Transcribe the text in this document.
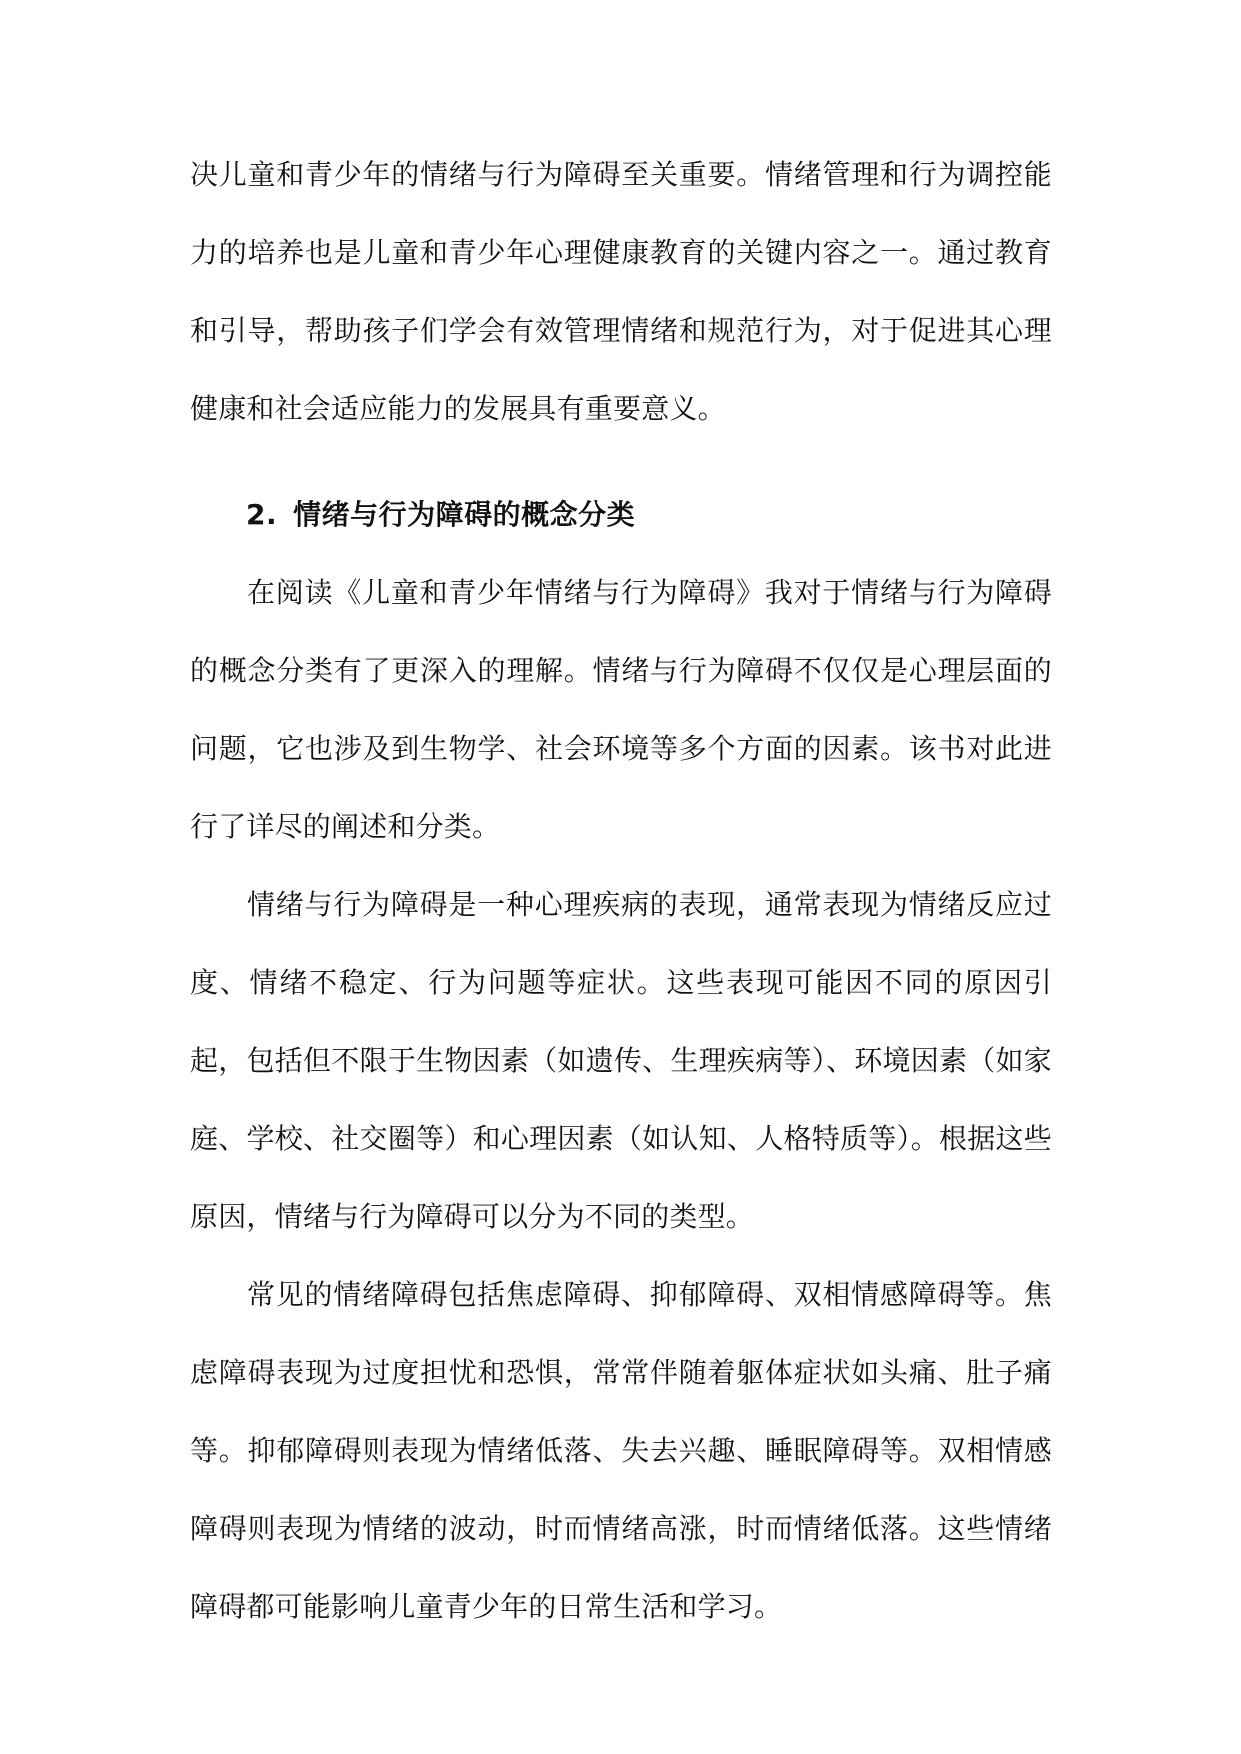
决儿童和青少年的情绪与行为障碍至关重要。情绪管理和行为调控能力的培养也是儿童和青少年心理健康教育的关键内容之一。通过教育和引导，帮助孩子们学会有效管理情绪和规范行为，对于促进其心理健康和社会适应能力的发展具有重要意义。

2. 情绪与行为障碍的概念分类

在阅读《儿童和青少年情绪与行为障碍》我对于情绪与行为障碍的概念分类有了更深入的理解。情绪与行为障碍不仅仅是心理层面的问题，它也涉及到生物学、社会环境等多个方面的因素。该书对此进行了详尽的阐述和分类。

情绪与行为障碍是一种心理疾病的表现，通常表现为情绪反应过度、情绪不稳定、行为问题等症状。这些表现可能因不同的原因引起，包括但不限于生物因素（如遗传、生理疾病等）、环境因素（如家庭、学校、社交圈等）和心理因素（如认知、人格特质等）。根据这些原因，情绪与行为障碍可以分为不同的类型。

常见的情绪障碍包括焦虑障碍、抑郁障碍、双相情感障碍等。焦虑障碍表现为过度担忧和恐惧，常常伴随着躯体症状如头痛、肚子痛等。抑郁障碍则表现为情绪低落、失去兴趣、睡眠障碍等。双相情感障碍则表现为情绪的波动，时而情绪高涨，时而情绪低落。这些情绪障碍都可能影响儿童青少年的日常生活和学习。
